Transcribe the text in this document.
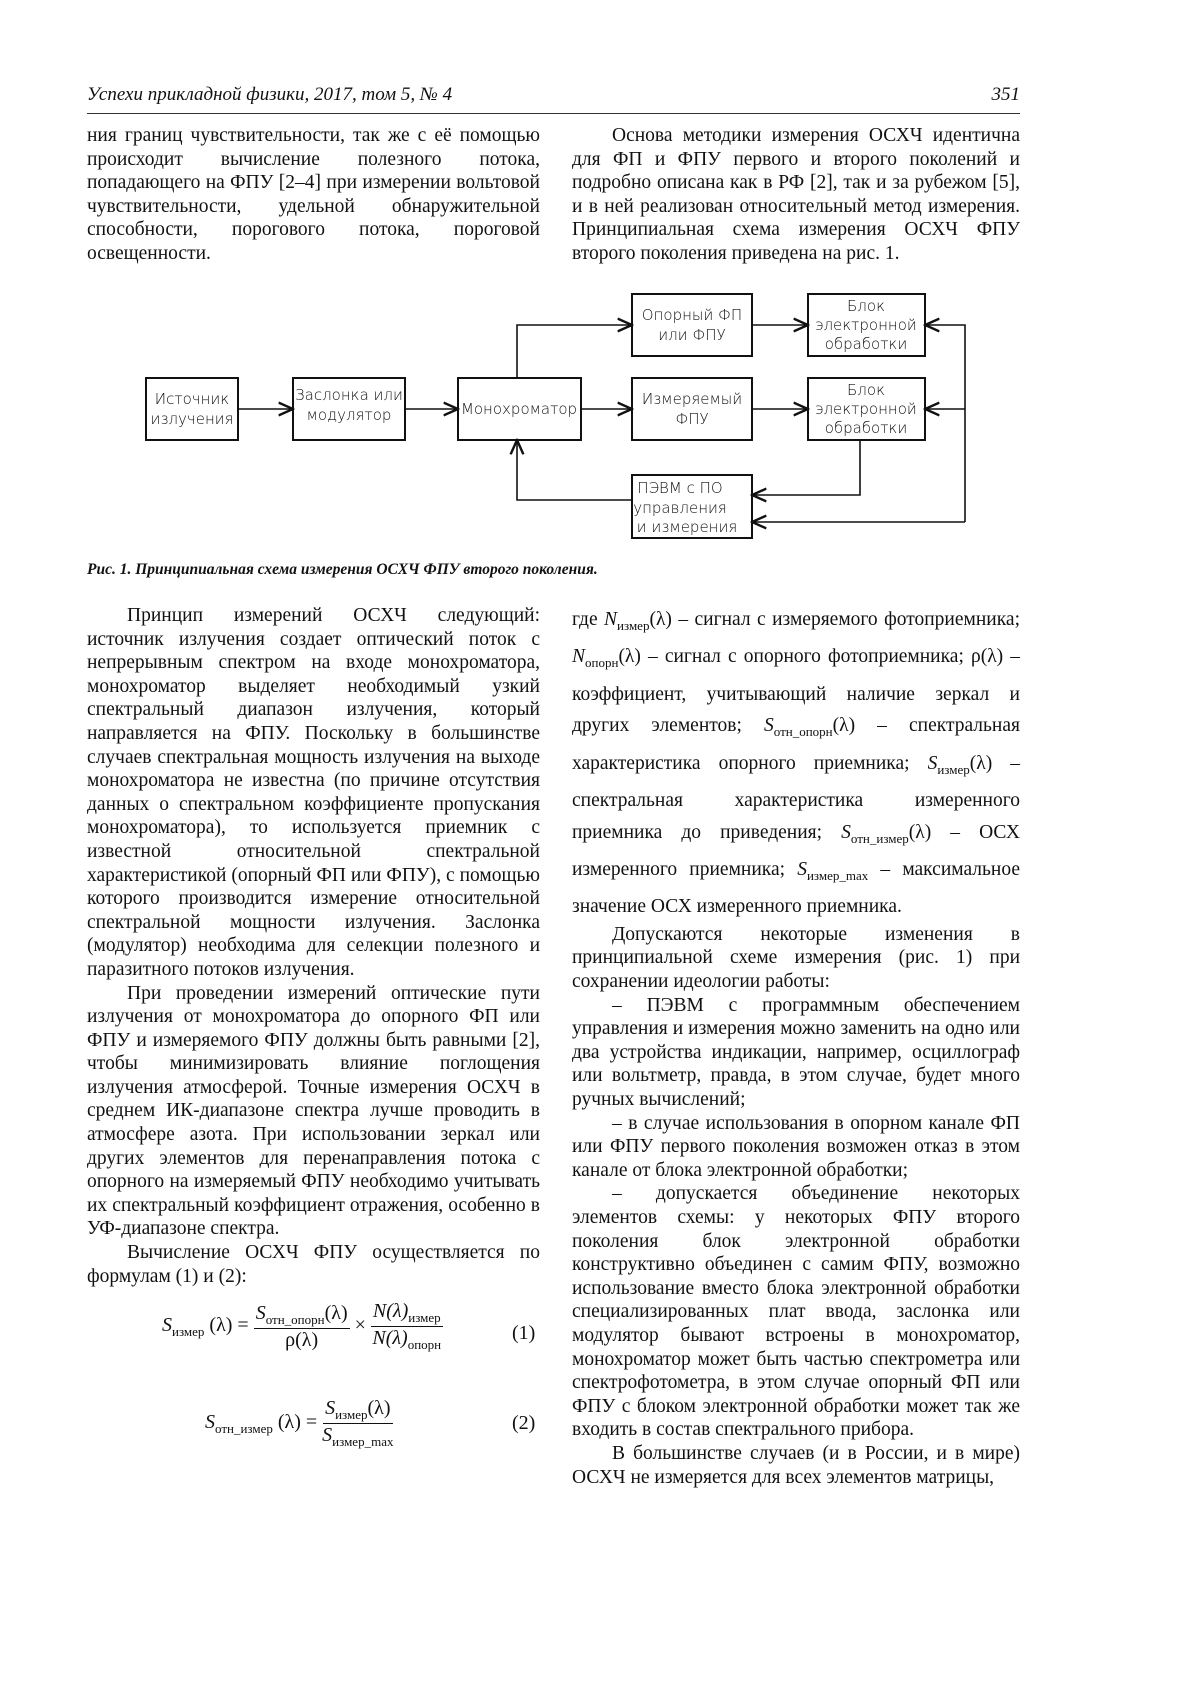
Успехи прикладной физики, 2017, том 5, № 4	351

ния границ чувствительности, так же с её помощью происходит вычисление полезного потока, попадающего на ФПУ [2–4] при измерении вольтовой чувствительности, удельной обнаружительной способности, порогового потока, пороговой освещенности.

Основа методики измерения ОСХЧ идентична для ФП и ФПУ первого и второго поколений и подробно описана как в РФ [2], так и за рубежом [5], и в ней реализован относительный метод измерения. Принципиальная схема измерения ОСХЧ ФПУ второго поколения приведена на рис. 1.

Источник
излучения
Заслонка или
модулятор	Монохроматор
Опорный ФП
или ФПУ
Блок
электронной
обработки
Измеряемый
ФПУ
Блок
электронной
обработки
ПЭВМ с ПО
управления
и измерения
Рис. 1. Принципиальная схема измерения ОСХЧ ФПУ второго поколения.

Принцип измерений ОСХЧ следующий: источник излучения создает оптический поток с непрерывным спектром на входе монохроматора, монохроматор выделяет необходимый узкий спектральный диапазон излучения, который направляется на ФПУ. Поскольку в большинстве случаев спектральная мощность излучения на выходе монохроматора не известна (по причине отсутствия данных о спектральном коэффициенте пропускания монохроматора), то используется приемник с известной относительной спектральной характеристикой (опорный ФП или ФПУ), с помощью которого производится измерение относительной спектральной мощности излучения. Заслонка (модулятор) необходима для селекции полезного и паразитного потоков излучения.

При проведении измерений оптические пути излучения от монохроматора до опорного ФП или ФПУ и измеряемого ФПУ должны быть равными [2], чтобы минимизировать влияние поглощения излучения атмосферой. Точные измерения ОСХЧ в среднем ИК-диапазоне спектра лучше проводить в атмосфере азота. При использовании зеркал или других элементов для перенаправления потока с опорного на измеряемый ФПУ необходимо учитывать их спектральный коэффициент отражения, особенно в УФ-диапазоне спектра.

Вычисление ОСХЧ ФПУ осуществляется по формулам (1) и (2):

$S_{измер}$ $(\lambda) = \frac{S_{отн\_опорн}(\lambda)}{\rho(\lambda)} \times \frac{N(\lambda)_{измер}}{N(\lambda)_{опорн}}$	(1)
$S_{отн\_измер}$ $(\lambda) = \frac{S_{измер}(\lambda)}{S_{измер\_max}}$	(2)

где $N_{измер}(\lambda)$ – сигнал с измеряемого фотоприемника; $N_{опорн}(\lambda)$ – сигнал с опорного фотоприемника; ρ(λ) – коэффициент, учитывающий наличие зеркал и других элементов; $S_{отн\_опорн}(\lambda)$ – спектральная характеристика опорного приемника; $S_{измер}(\lambda)$ – спектральная характеристика измеренного приемника до приведения; $S_{отн\_измер}(\lambda)$ – ОСХ измеренного приемника; $S_{измер\_max}$ – максимальное значение ОСХ измеренного приемника.

Допускаются некоторые изменения в принципиальной схеме измерения (рис. 1) при сохранении идеологии работы:

– ПЭВМ с программным обеспечением управления и измерения можно заменить на одно или два устройства индикации, например, осциллограф или вольтметр, правда, в этом случае, будет много ручных вычислений;

– в случае использования в опорном канале ФП или ФПУ первого поколения возможен отказ в этом канале от блока электронной обработки;

– допускается объединение некоторых элементов схемы: у некоторых ФПУ второго поколения блок электронной обработки конструктивно объединен с самим ФПУ, возможно использование вместо блока электронной обработки специализированных плат ввода, заслонка или модулятор бывают встроены в монохроматор, монохроматор может быть частью спектрометра или спектрофотометра, в этом случае опорный ФП или ФПУ с блоком электронной обработки может так же входить в состав спектрального прибора.

В большинстве случаев (и в России, и в мире) ОСХЧ не измеряется для всех элементов матрицы,
